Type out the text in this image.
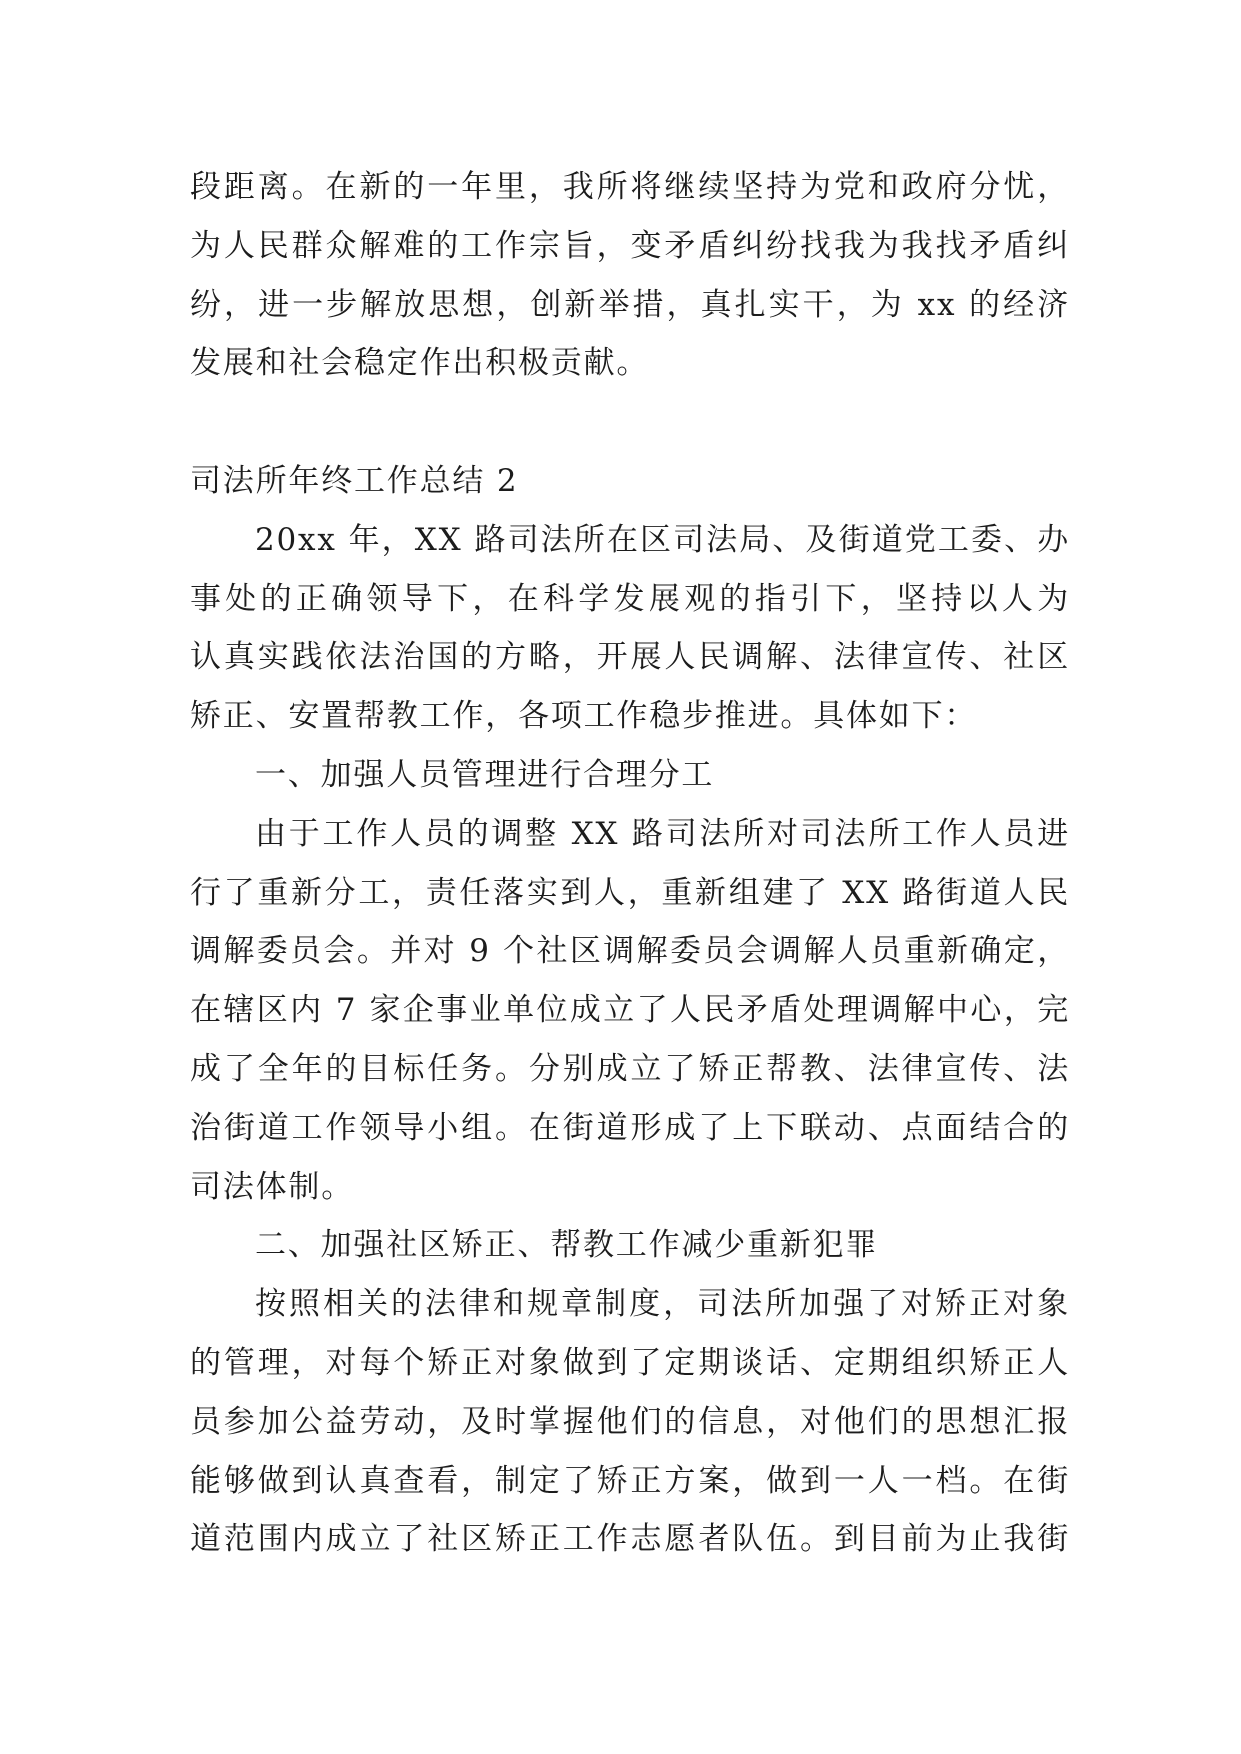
段距离。在新的一年里，我所将继续坚持为党和政府分忧，
为人民群众解难的工作宗旨，变矛盾纠纷找我为我找矛盾纠
纷，进一步解放思想，创新举措，真扎实干，为 xx 的经济
发展和社会稳定作出积极贡献。
司法所年终工作总结 2
20xx 年，XX 路司法所在区司法局、及街道党工委、办
事处的正确领导下，在科学发展观的指引下，坚持以人为
认真实践依法治国的方略，开展人民调解、法律宣传、社区
矫正、安置帮教工作，各项工作稳步推进。具体如下：
一、加强人员管理进行合理分工
由于工作人员的调整 XX 路司法所对司法所工作人员进
行了重新分工，责任落实到人，重新组建了 XX 路街道人民
调解委员会。并对 9 个社区调解委员会调解人员重新确定，
在辖区内 7 家企事业单位成立了人民矛盾处理调解中心，完
成了全年的目标任务。分别成立了矫正帮教、法律宣传、法
治街道工作领导小组。在街道形成了上下联动、点面结合的
司法体制。
二、加强社区矫正、帮教工作减少重新犯罪
按照相关的法律和规章制度，司法所加强了对矫正对象
的管理，对每个矫正对象做到了定期谈话、定期组织矫正人
员参加公益劳动，及时掌握他们的信息，对他们的思想汇报
能够做到认真查看，制定了矫正方案，做到一人一档。在街
道范围内成立了社区矫正工作志愿者队伍。到目前为止我街
